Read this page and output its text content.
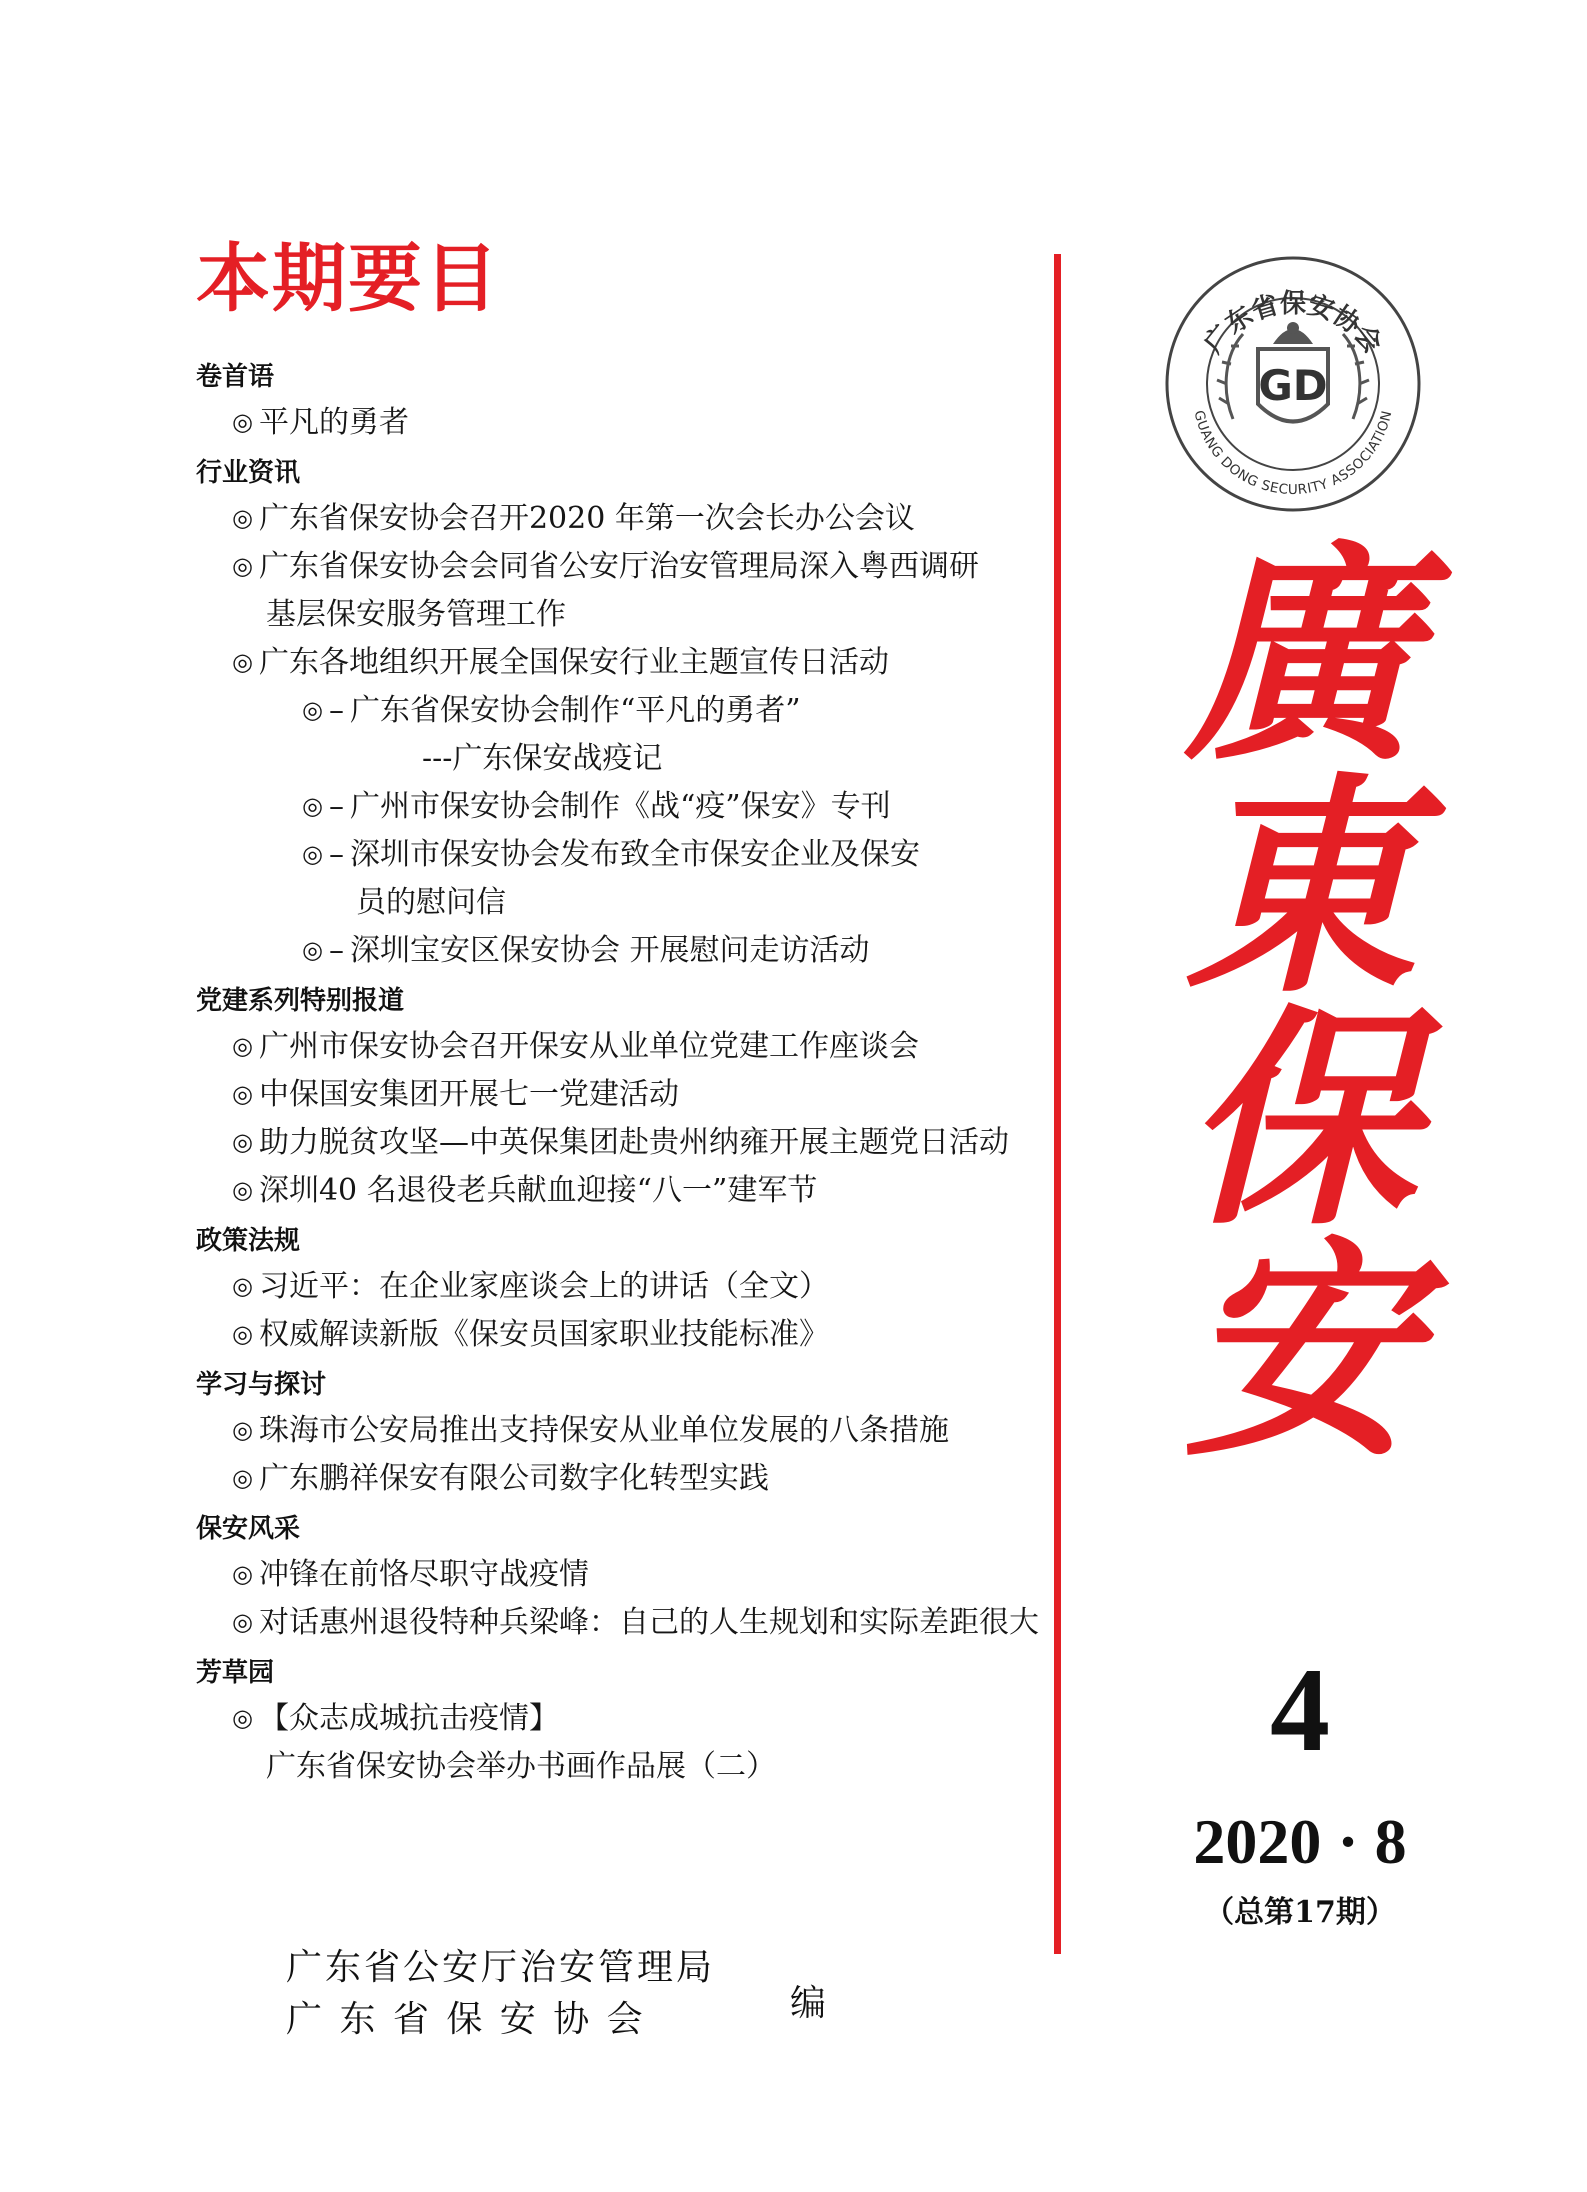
本期要目
卷首语
◎ 平凡的勇者
行业资讯
◎ 广东省保安协会召开2020 年第一次会长办公会议
◎ 广东省保安协会会同省公安厅治安管理局深入粤西调研
基层保安服务管理工作
◎ 广东各地组织开展全国保安行业主题宣传日活动
◎ – 广东省保安协会制作“平凡的勇者”
---广东保安战疫记
◎ – 广州市保安协会制作《战“疫”保安》专刊
◎ – 深圳市保安协会发布致全市保安企业及保安
员的慰问信
◎ – 深圳宝安区保安协会 开展慰问走访活动
党建系列特别报道
◎ 广州市保安协会召开保安从业单位党建工作座谈会
◎ 中保国安集团开展七一党建活动
◎ 助力脱贫攻坚—中英保集团赴贵州纳雍开展主题党日活动
◎ 深圳40 名退役老兵献血迎接“八一”建军节
政策法规
◎ 习近平：在企业家座谈会上的讲话（全文）
◎ 权威解读新版《保安员国家职业技能标准》
学习与探讨
◎ 珠海市公安局推出支持保安从业单位发展的八条措施
◎ 广东鹏祥保安有限公司数字化转型实践
保安风采
◎ 冲锋在前恪尽职守战疫情
◎ 对话惠州退役特种兵梁峰：自己的人生规划和实际差距很大
芳草园
◎ 【众志成城抗击疫情】
广东省保安协会举办书画作品展（二）
广东省保安协会
GUANG DONG SECURITY ASSOCIATION
GD
廣
東
保
安
4
2020 · 8
（总第17期）
广东省公安厅治安管理局
广 东 省 保 安 协 会	编
